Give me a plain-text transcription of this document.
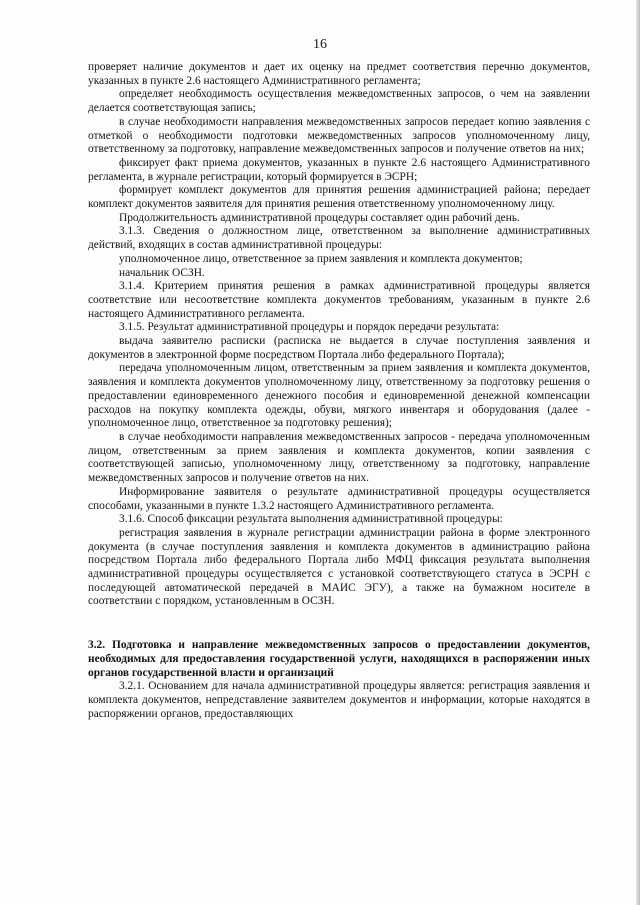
16

проверяет наличие документов и дает их оценку на предмет соответствия перечню документов, указанных в пункте 2.6 настоящего Административного регламента;

определяет необходимость осуществления межведомственных запросов, о чем на заявлении делается соответствующая запись;

в случае необходимости направления межведомственных запросов передает копию заявления с отметкой о необходимости подготовки межведомственных запросов уполномоченному лицу, ответственному за подготовку, направление межведомственных запросов и получение ответов на них;

фиксирует факт приема документов, указанных в пункте 2.6 настоящего Административного регламента, в журнале регистрации, который формируется в ЭСРН;

формирует комплект документов для принятия решения администрацией района; передает комплект документов заявителя для принятия решения ответственному уполномоченному лицу.

Продолжительность административной процедуры составляет один рабочий день.

3.1.3. Сведения о должностном лице, ответственном за выполнение административных действий, входящих в состав административной процедуры:

уполномоченное лицо, ответственное за прием заявления и комплекта документов;

начальник ОСЗН.

3.1.4. Критерием принятия решения в рамках административной процедуры является соответствие или несоответствие комплекта документов требованиям, указанным в пункте 2.6 настоящего Административного регламента.

3.1.5. Результат административной процедуры и порядок передачи результата:

выдача заявителю расписки (расписка не выдается в случае поступления заявления и документов в электронной форме посредством Портала либо федерального Портала);

передача уполномоченным лицом, ответственным за прием заявления и комплекта документов, заявления и комплекта документов уполномоченному лицу, ответственному за подготовку решения о предоставлении единовременного денежного пособия и единовременной денежной компенсации расходов на покупку комплекта одежды, обуви, мягкого инвентаря и оборудования (далее - уполномоченное лицо, ответственное за подготовку решения);

в случае необходимости направления межведомственных запросов - передача уполномоченным лицом, ответственным за прием заявления и комплекта документов, копии заявления с соответствующей записью, уполномоченному лицу, ответственному за подготовку, направление межведомственных запросов и получение ответов на них.

Информирование заявителя о результате административной процедуры осуществляется способами, указанными в пункте 1.3.2 настоящего Административного регламента.

3.1.6. Способ фиксации результата выполнения административной процедуры:

регистрация заявления в журнале регистрации администрации района в форме электронного документа (в случае поступления заявления и комплекта документов в администрацию района посредством Портала либо федерального Портала либо МФЦ фиксация результата выполнения административной процедуры осуществляется с установкой соответствующего статуса в ЭСРН с последующей автоматической передачей в МАИС ЭГУ), а также на бумажном носителе в соответствии с порядком, установленным в ОСЗН.

3.2. Подготовка и направление межведомственных запросов о предоставлении документов, необходимых для предоставления государственной услуги, находящихся в распоряжении иных органов государственной власти и организаций

3.2.1. Основанием для начала административной процедуры является: регистрация заявления и комплекта документов, непредставление заявителем документов и информации, которые находятся в распоряжении органов, предоставляющих
